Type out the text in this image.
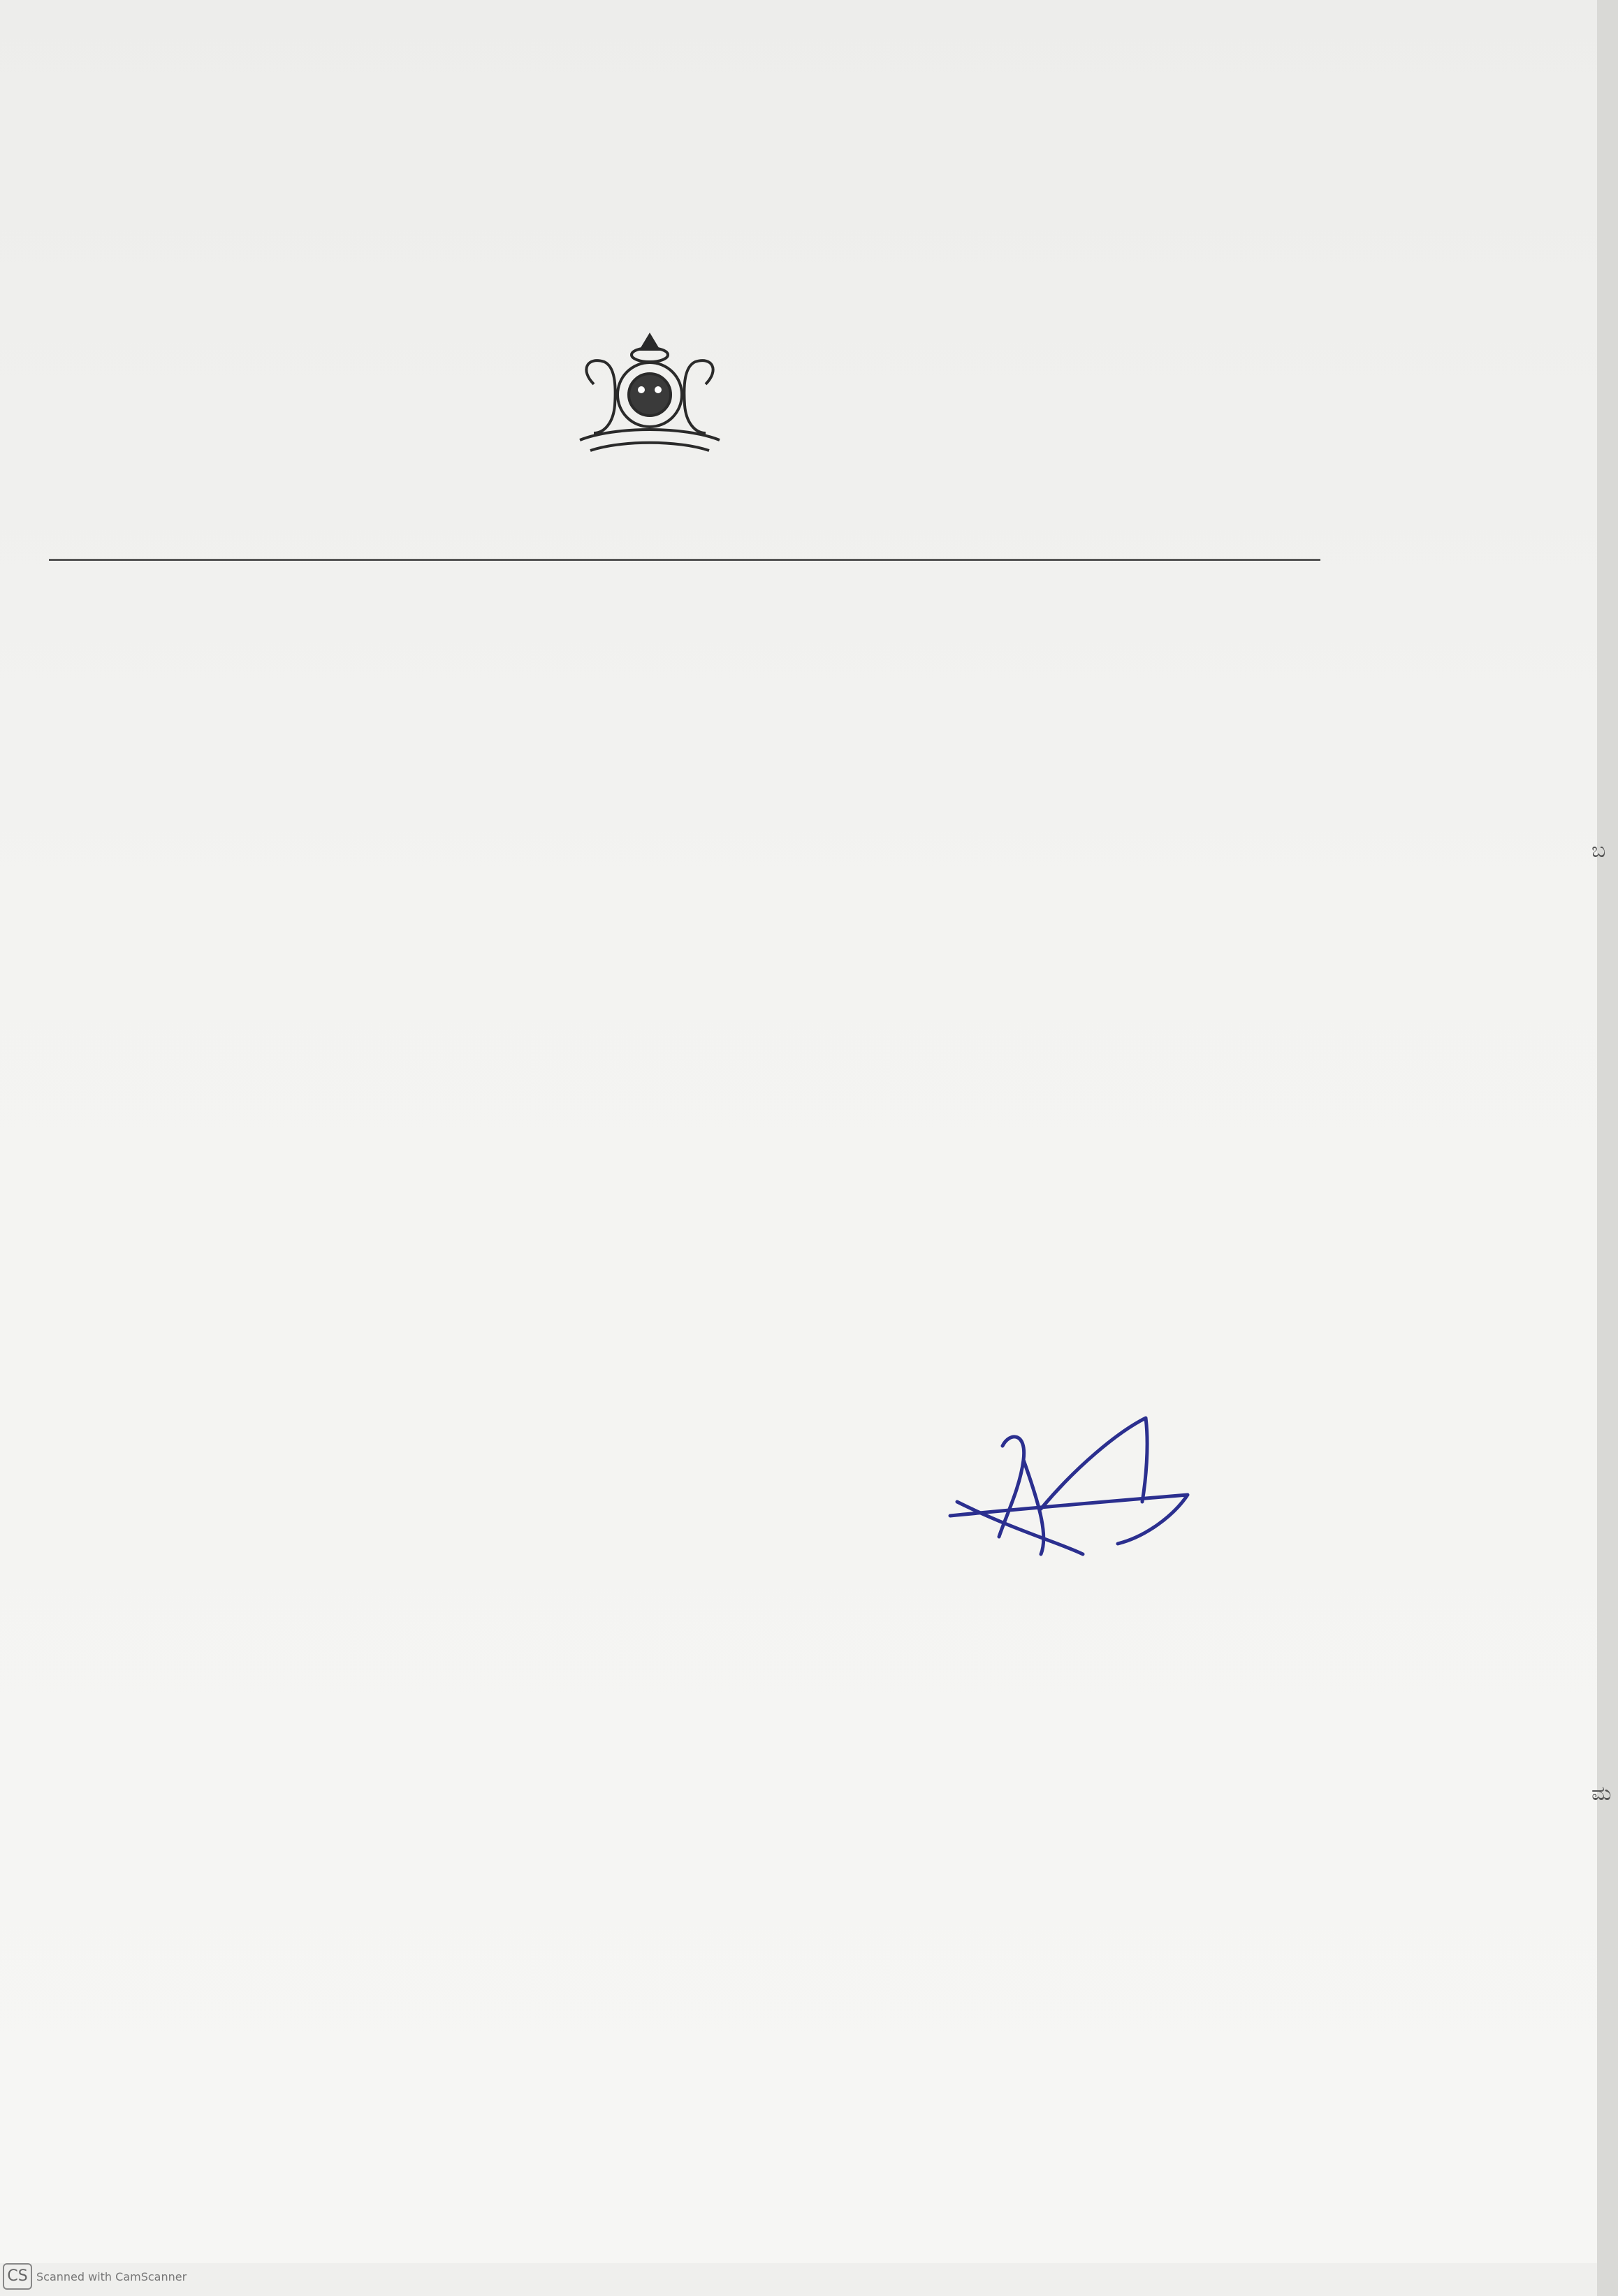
ಬ
ಮ
CS Scanned with CamScanner
